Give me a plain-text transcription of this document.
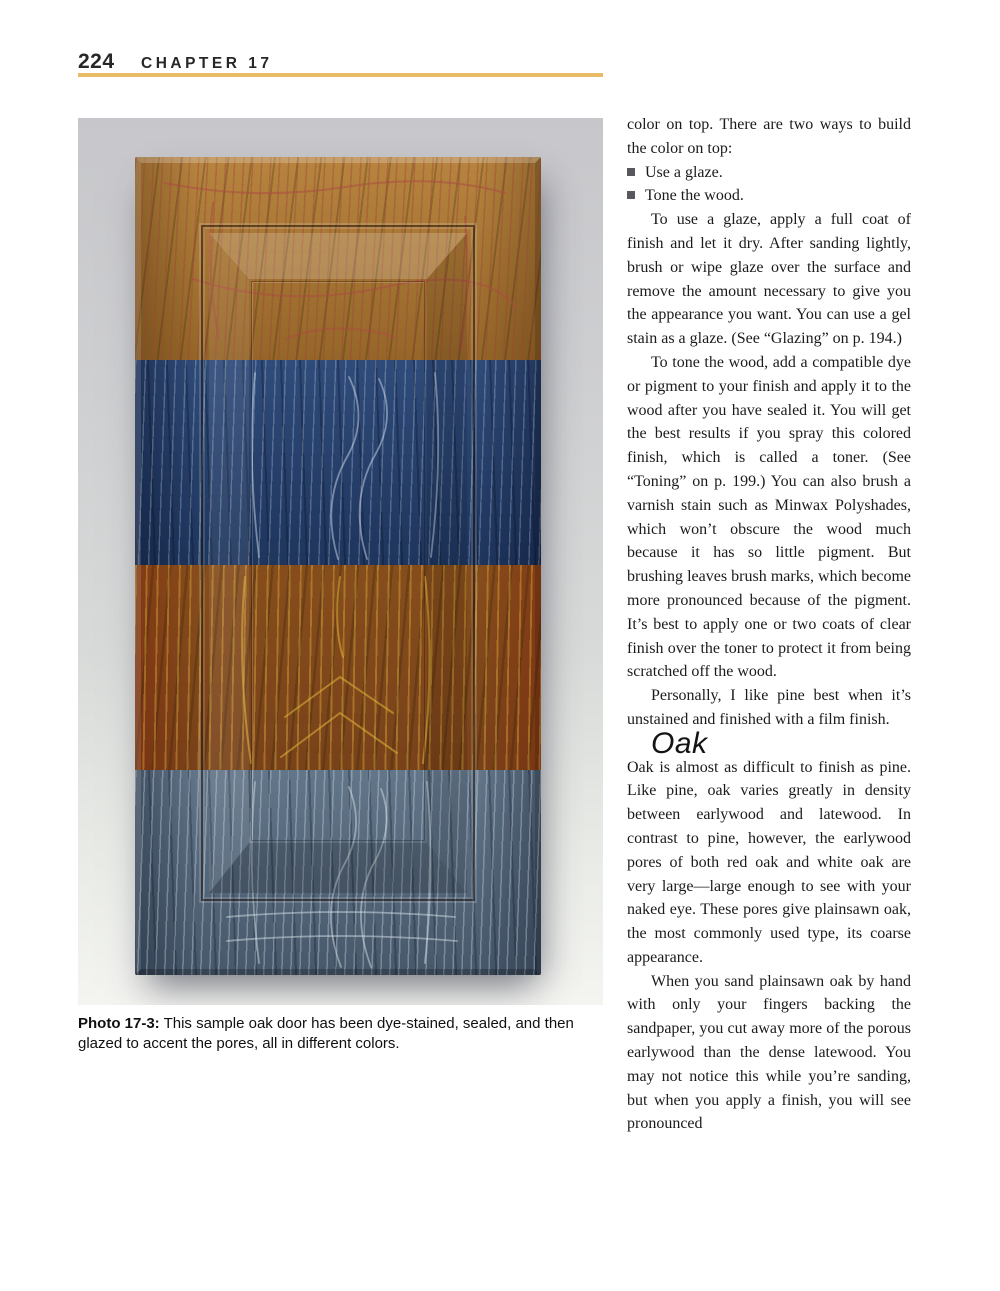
224 CHAPTER 17
Photo 17-3: This sample oak door has been dye-stained, sealed, and then glazed to accent the pores, all in different colors.

color on top. There are two ways to build the color on top:

Use a glaze.

Tone the wood.

To use a glaze, apply a full coat of finish and let it dry. After sanding lightly, brush or wipe glaze over the surface and remove the amount necessary to give you the appearance you want. You can use a gel stain as a glaze. (See “Glazing” on p. 194.)

To tone the wood, add a compatible dye or pigment to your finish and apply it to the wood after you have sealed it. You will get the best results if you spray this colored finish, which is called a toner. (See “Toning” on p. 199.) You can also brush a varnish stain such as Minwax Polyshades, which won’t obscure the wood much because it has so little pigment. But brushing leaves brush marks, which become more pronounced because of the pigment. It’s best to apply one or two coats of clear finish over the toner to protect it from being scratched off the wood.

Personally, I like pine best when it’s unstained and finished with a film finish.

Oak

Oak is almost as difficult to finish as pine. Like pine, oak varies greatly in density between earlywood and latewood. In contrast to pine, however, the earlywood pores of both red oak and white oak are very large—large enough to see with your naked eye. These pores give plainsawn oak, the most commonly used type, its coarse appearance.

When you sand plainsawn oak by hand with only your fingers backing the sandpaper, you cut away more of the porous earlywood than the dense latewood. You may not notice this while you’re sanding, but when you apply a finish, you will see pronounced
